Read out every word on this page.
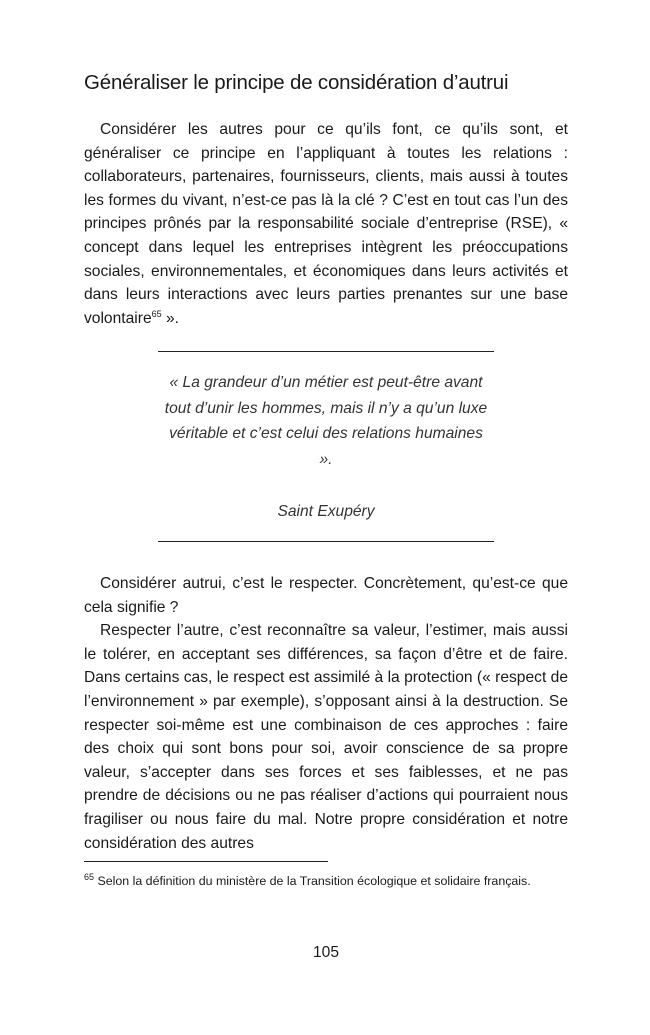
Généraliser le principe de considération d’autrui

Considérer les autres pour ce qu’ils font, ce qu’ils sont, et généraliser ce principe en l’appliquant à toutes les relations : collaborateurs, partenaires, fournisseurs, clients, mais aussi à toutes les formes du vivant, n’est-ce pas là la clé ? C’est en tout cas l’un des principes prônés par la responsabilité sociale d’entreprise (RSE), « concept dans lequel les entreprises intègrent les préoccupations sociales, environnementales, et économiques dans leurs activités et dans leurs interactions avec leurs parties prenantes sur une base volontaire$^{65}$ ».

« La grandeur d’un métier est peut-être avant tout d’unir les hommes, mais il n’y a qu’un luxe véritable et c’est celui des relations humaines ».

Saint Exupéry

Considérer autrui, c’est le respecter. Concrètement, qu’est-ce que cela signifie ?

Respecter l’autre, c’est reconnaître sa valeur, l’estimer, mais aussi le tolérer, en acceptant ses différences, sa façon d’être et de faire. Dans certains cas, le respect est assimilé à la protection (« respect de l’environnement » par exemple), s’opposant ainsi à la destruction. Se respecter soi-même est une combinaison de ces approches : faire des choix qui sont bons pour soi, avoir conscience de sa propre valeur, s’accepter dans ses forces et ses faiblesses, et ne pas prendre de décisions ou ne pas réaliser d’actions qui pourraient nous fragiliser ou nous faire du mal. Notre propre considération et notre considération des autres

$^{65}$ Selon la définition du ministère de la Transition écologique et solidaire français.

105
